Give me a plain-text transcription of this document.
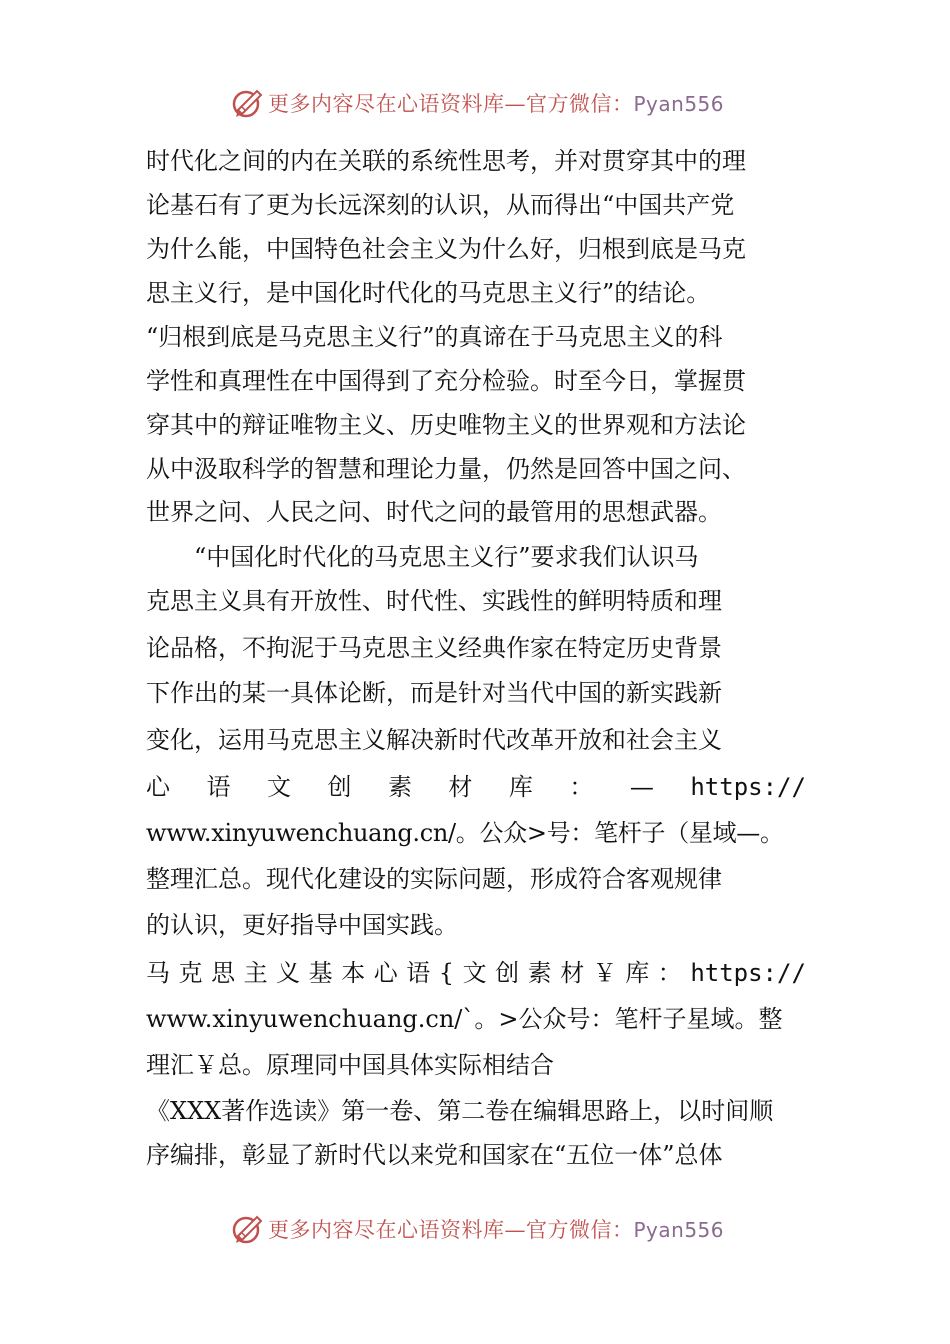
更多内容尽在心语资料库—官方微信：Pyan556
时代化之间的内在关联的系统性思考，并对贯穿其中的理
论基石有了更为长远深刻的认识，从而得出“中国共产党
为什么能，中国特色社会主义为什么好，归根到底是马克
思主义行，是中国化时代化的马克思主义行”的结论。
“归根到底是马克思主义行”的真谛在于马克思主义的科
学性和真理性在中国得到了充分检验。时至今日，掌握贯
穿其中的辩证唯物主义、历史唯物主义的世界观和方法论
从中汲取科学的智慧和理论力量，仍然是回答中国之问、
世界之问、人民之问、时代之问的最管用的思想武器。
　　“中国化时代化的马克思主义行”要求我们认识马
克思主义具有开放性、时代性、实践性的鲜明特质和理
论品格，不拘泥于马克思主义经典作家在特定历史背景
下作出的某一具体论断，而是针对当代中国的新实践新
变化，运用马克思主义解决新时代改革开放和社会主义
心 语 文 创 素 材 库 ： — https://
www.xinyuwenchuang.cn/。公众>号：笔杆子（星域—。
整理汇总。现代化建设的实际问题，形成符合客观规律
的认识，更好指导中国实践。
马 克 思 主 义 基 本 心 语 { 文 创 素 材 ￥ 库 ： https://
www.xinyuwenchuang.cn/`。>公众号：笔杆子星域。整
理汇￥总。原理同中国具体实际相结合
《XXX著作选读》第一卷、第二卷在编辑思路上，以时间顺
序编排，彰显了新时代以来党和国家在“五位一体”总体
更多内容尽在心语资料库—官方微信：Pyan556
